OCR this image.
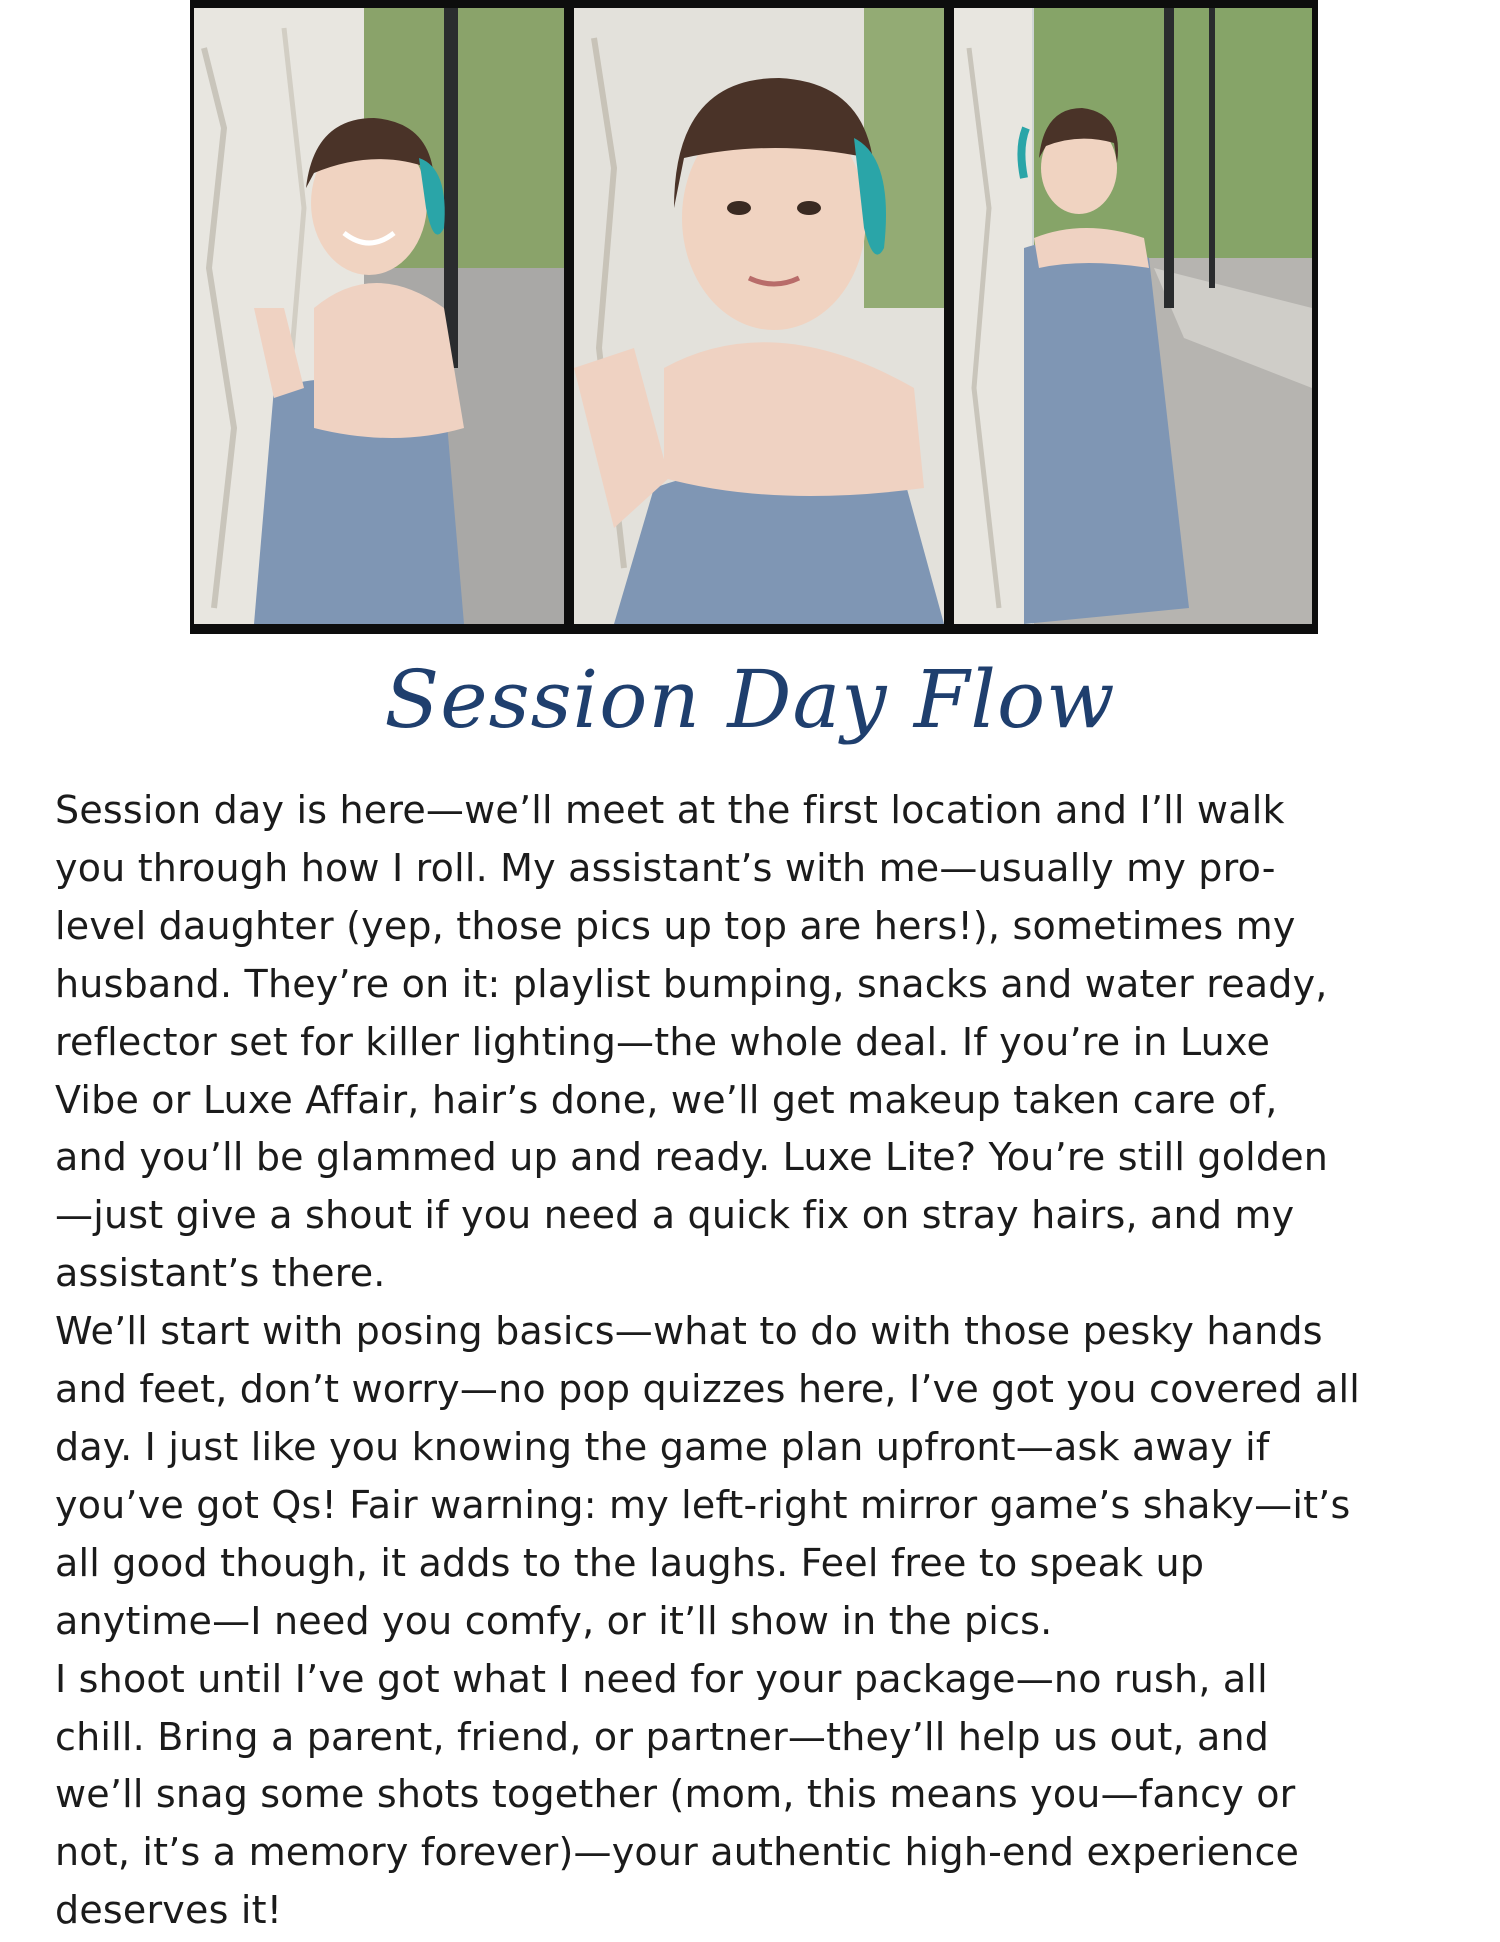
Session Day Flow

Session day is here—we’ll meet at the first location and I’ll walk
you through how I roll. My assistant’s with me—usually my pro-
level daughter (yep, those pics up top are hers!), sometimes my
husband. They’re on it: playlist bumping, snacks and water ready,
reflector set for killer lighting—the whole deal. If you’re in Luxe
Vibe or Luxe Affair, hair’s done, we’ll get makeup taken care of,
and you’ll be glammed up and ready. Luxe Lite? You’re still golden
—just give a shout if you need a quick fix on stray hairs, and my
assistant’s there.

We’ll start with posing basics—what to do with those pesky hands
and feet, don’t worry—no pop quizzes here, I’ve got you covered all
day. I just like you knowing the game plan upfront—ask away if
you’ve got Qs! Fair warning: my left-right mirror game’s shaky—it’s
all good though, it adds to the laughs. Feel free to speak up
anytime—I need you comfy, or it’ll show in the pics.

I shoot until I’ve got what I need for your package—no rush, all
chill. Bring a parent, friend, or partner—they’ll help us out, and
we’ll snag some shots together (mom, this means you—fancy or
not, it’s a memory forever)—your authentic high-end experience
deserves it!
